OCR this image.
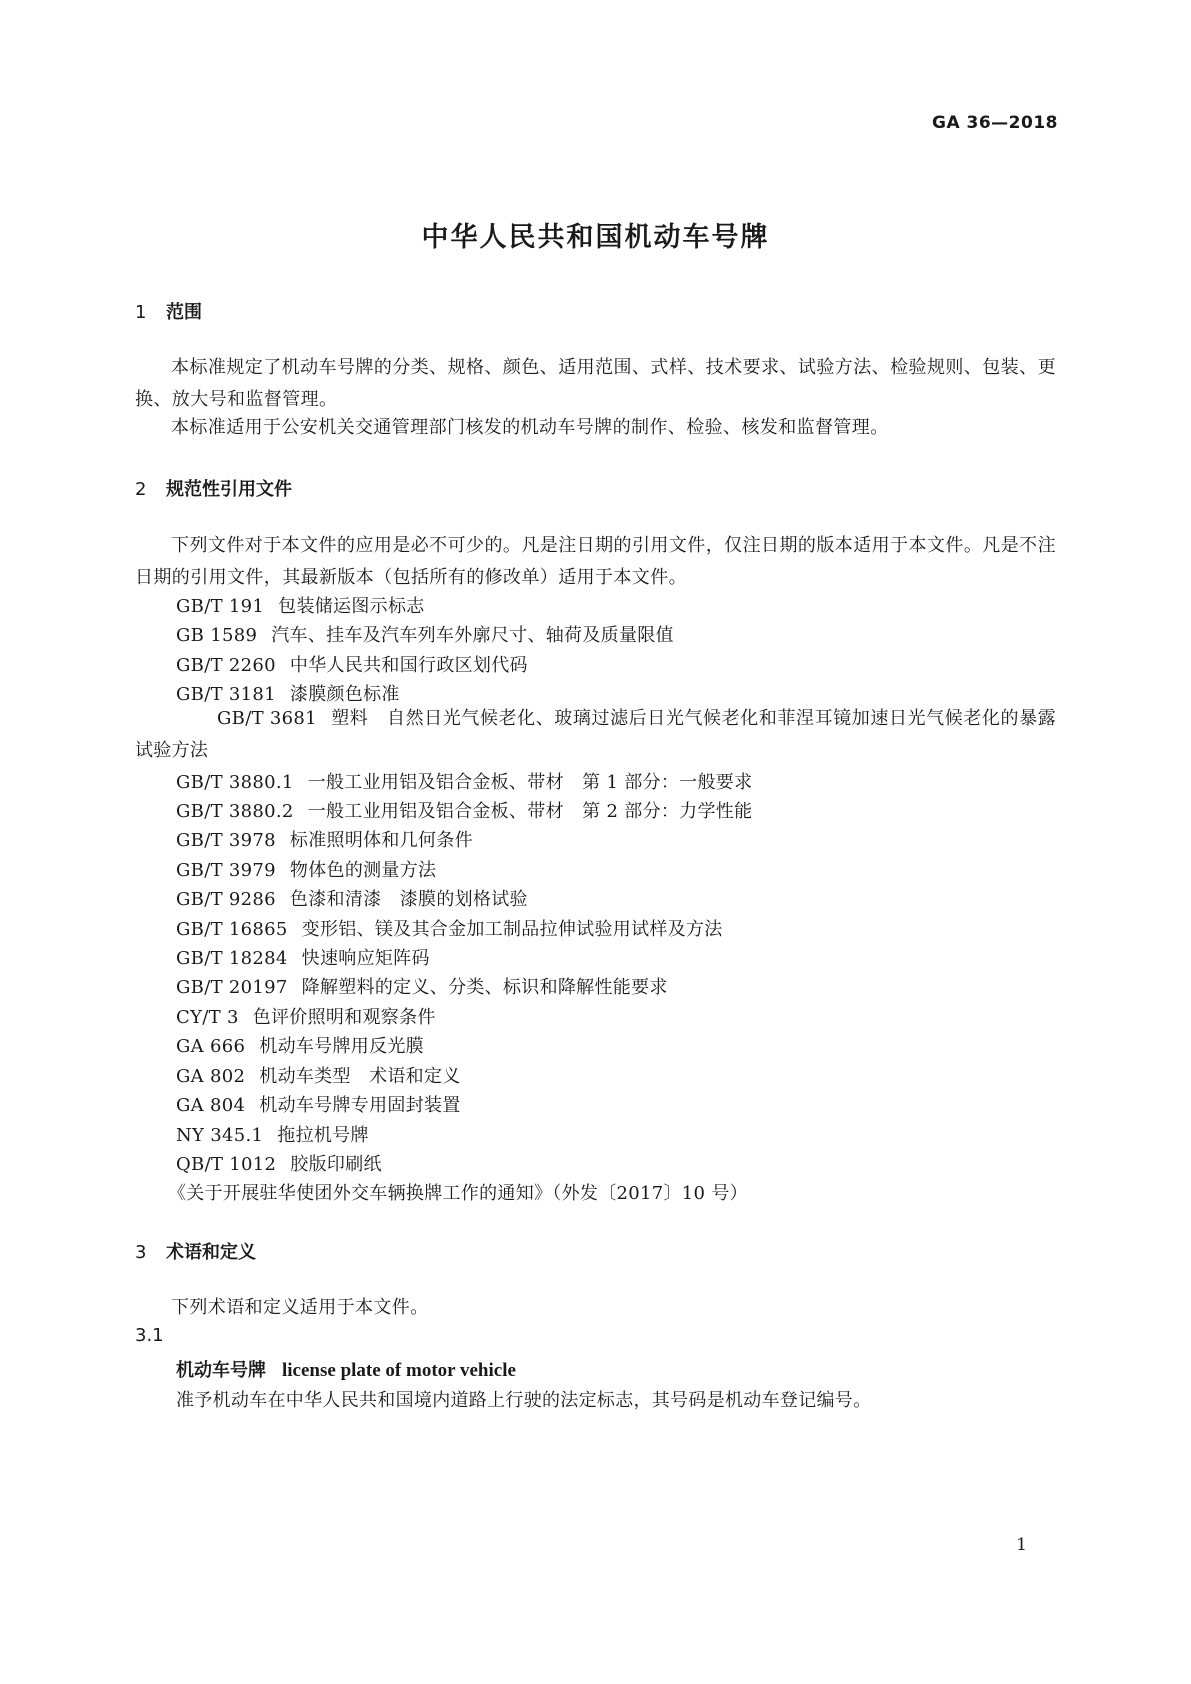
GA 36—2018
中华人民共和国机动车号牌
1 范围
本标准规定了机动车号牌的分类、规格、颜色、适用范围、式样、技术要求、试验方法、检验规则、包装、更换、放大号和监督管理。
本标准适用于公安机关交通管理部门核发的机动车号牌的制作、检验、核发和监督管理。
2 规范性引用文件
下列文件对于本文件的应用是必不可少的。凡是注日期的引用文件，仅注日期的版本适用于本文件。凡是不注日期的引用文件，其最新版本（包括所有的修改单）适用于本文件。
GB/T 191 包装储运图示标志
GB 1589 汽车、挂车及汽车列车外廓尺寸、轴荷及质量限值
GB/T 2260 中华人民共和国行政区划代码
GB/T 3181 漆膜颜色标准
GB/T 3681 塑料　自然日光气候老化、玻璃过滤后日光气候老化和菲涅耳镜加速日光气候老化的暴露试验方法
GB/T 3880.1 一般工业用铝及铝合金板、带材　第 1 部分：一般要求
GB/T 3880.2 一般工业用铝及铝合金板、带材　第 2 部分：力学性能
GB/T 3978 标准照明体和几何条件
GB/T 3979 物体色的测量方法
GB/T 9286 色漆和清漆　漆膜的划格试验
GB/T 16865 变形铝、镁及其合金加工制品拉伸试验用试样及方法
GB/T 18284 快速响应矩阵码
GB/T 20197 降解塑料的定义、分类、标识和降解性能要求
CY/T 3 色评价照明和观察条件
GA 666 机动车号牌用反光膜
GA 802 机动车类型　术语和定义
GA 804 机动车号牌专用固封装置
NY 345.1 拖拉机号牌
QB/T 1012 胶版印刷纸
《关于开展驻华使团外交车辆换牌工作的通知》（外发〔2017〕10 号）
3 术语和定义
下列术语和定义适用于本文件。
3.1
机动车号牌 license plate of motor vehicle
准予机动车在中华人民共和国境内道路上行驶的法定标志，其号码是机动车登记编号。
1
